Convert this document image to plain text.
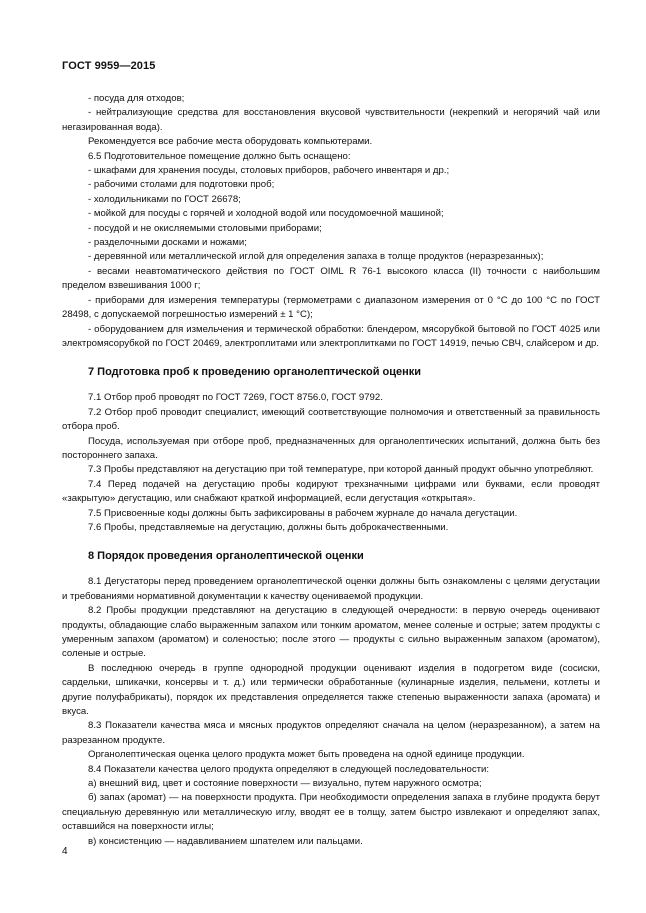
ГОСТ 9959—2015

- посуда для отходов;

- нейтрализующие средства для восстановления вкусовой чувствительности (некрепкий и негорячий чай или негазированная вода).

Рекомендуется все рабочие места оборудовать компьютерами.

6.5 Подготовительное помещение должно быть оснащено:

- шкафами для хранения посуды, столовых приборов, рабочего инвентаря и др.;

- рабочими столами для подготовки проб;

- холодильниками по ГОСТ 26678;

- мойкой для посуды с горячей и холодной водой или посудомоечной машиной;

- посудой и не окисляемыми столовыми приборами;

- разделочными досками и ножами;

- деревянной или металлической иглой для определения запаха в толще продуктов (неразрезанных);

- весами неавтоматического действия по ГОСТ OIML R 76-1 высокого класса (II) точности с наибольшим пределом взвешивания 1000 г;

- приборами для измерения температуры (термометрами с диапазоном измерения от 0 °С до 100 °С по ГОСТ 28498, с допускаемой погрешностью измерений ± 1 °С);

- оборудованием для измельчения и термической обработки: блендером, мясорубкой бытовой по ГОСТ 4025 или электромясорубкой по ГОСТ 20469, электроплитами или электроплитками по ГОСТ 14919, печью СВЧ, слайсером и др.

7 Подготовка проб к проведению органолептической оценки

7.1 Отбор проб проводят по ГОСТ 7269, ГОСТ 8756.0, ГОСТ 9792.

7.2 Отбор проб проводит специалист, имеющий соответствующие полномочия и ответственный за правильность отбора проб.

Посуда, используемая при отборе проб, предназначенных для органолептических испытаний, должна быть без постороннего запаха.

7.3 Пробы представляют на дегустацию при той температуре, при которой данный продукт обычно употребляют.

7.4 Перед подачей на дегустацию пробы кодируют трехзначными цифрами или буквами, если проводят «закрытую» дегустацию, или снабжают краткой информацией, если дегустация «открытая».

7.5 Присвоенные коды должны быть зафиксированы в рабочем журнале до начала дегустации.

7.6 Пробы, представляемые на дегустацию, должны быть доброкачественными.

8 Порядок проведения органолептической оценки

8.1 Дегустаторы перед проведением органолептической оценки должны быть ознакомлены с целями дегустации и требованиями нормативной документации к качеству оцениваемой продукции.

8.2 Пробы продукции представляют на дегустацию в следующей очередности: в первую очередь оценивают продукты, обладающие слабо выраженным запахом или тонким ароматом, менее соленые и острые; затем продукты с умеренным запахом (ароматом) и соленостью; после этого — продукты с сильно выраженным запахом (ароматом), соленые и острые.

В последнюю очередь в группе однородной продукции оценивают изделия в подогретом виде (сосиски, сардельки, шпикачки, консервы и т. д.) или термически обработанные (кулинарные изделия, пельмени, котлеты и другие полуфабрикаты), порядок их представления определяется также степенью выраженности запаха (аромата) и вкуса.

8.3 Показатели качества мяса и мясных продуктов определяют сначала на целом (неразрезанном), а затем на разрезанном продукте.

Органолептическая оценка целого продукта может быть проведена на одной единице продукции.

8.4 Показатели качества целого продукта определяют в следующей последовательности:

а) внешний вид, цвет и состояние поверхности — визуально, путем наружного осмотра;

б) запах (аромат) — на поверхности продукта. При необходимости определения запаха в глубине продукта берут специальную деревянную или металлическую иглу, вводят ее в толщу, затем быстро извлекают и определяют запах, оставшийся на поверхности иглы;

в) консистенцию — надавливанием шпателем или пальцами.

4
